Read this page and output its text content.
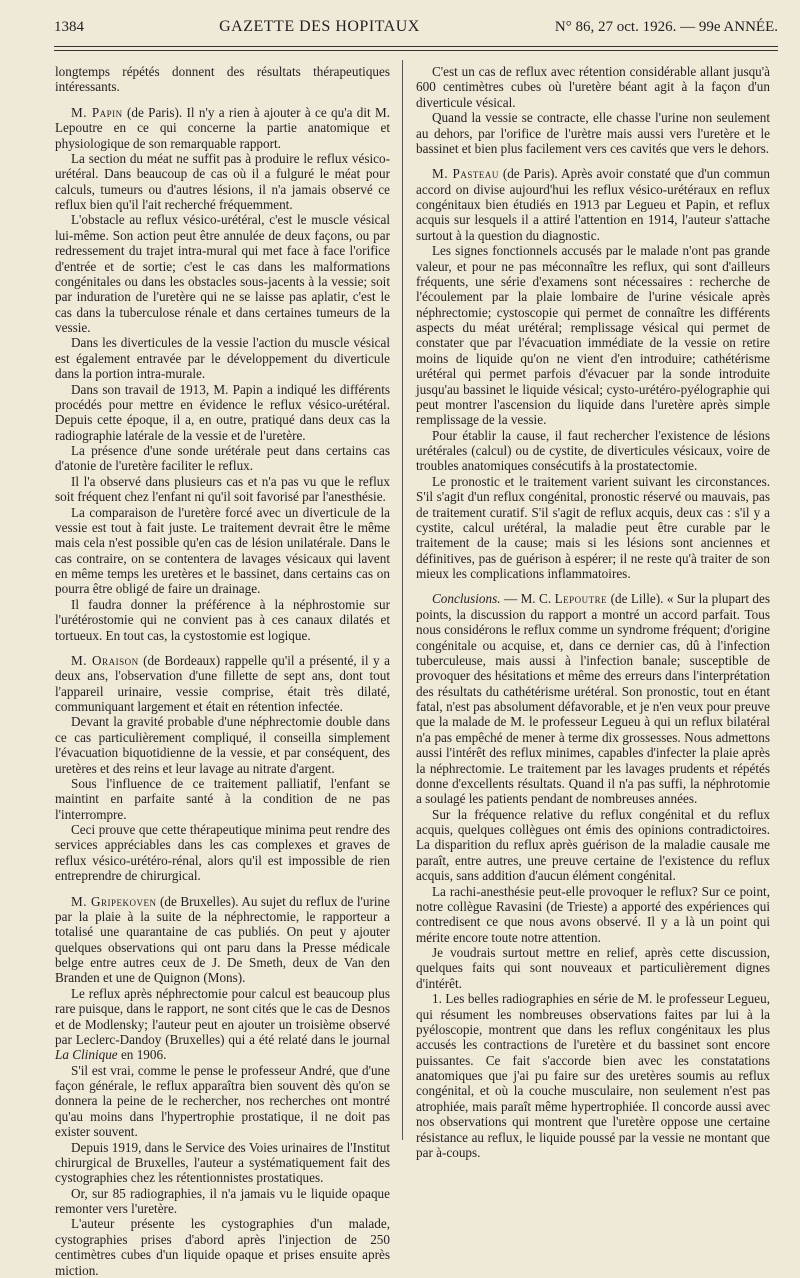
1384	GAZETTE DES HOPITAUX	N° 86, 27 oct. 1926. — 99e ANNÉE.

longtemps répétés donnent des résultats thérapeutiques intéressants.

M. Papin (de Paris). Il n'y a rien à ajouter à ce qu'a dit M. Lepoutre en ce qui concerne la partie anatomique et physiologique de son remarquable rapport.

La section du méat ne suffit pas à produire le reflux vésico-urétéral. Dans beaucoup de cas où il a fulguré le méat pour calculs, tumeurs ou d'autres lésions, il n'a jamais observé ce reflux bien qu'il l'ait recherché fréquemment.

L'obstacle au reflux vésico-urétéral, c'est le muscle vésical lui-même. Son action peut être annulée de deux façons, ou par redressement du trajet intra-mural qui met face à face l'orifice d'entrée et de sortie; c'est le cas dans les malformations congénitales ou dans les obstacles sous-jacents à la vessie; soit par induration de l'uretère qui ne se laisse pas aplatir, c'est le cas dans la tuberculose rénale et dans certaines tumeurs de la vessie.

Dans les diverticules de la vessie l'action du muscle vésical est également entravée par le développement du diverticule dans la portion intra-murale.

Dans son travail de 1913, M. Papin a indiqué les différents procédés pour mettre en évidence le reflux vésico-urétéral. Depuis cette époque, il a, en outre, pratiqué dans deux cas la radiographie latérale de la vessie et de l'uretère.

La présence d'une sonde urétérale peut dans certains cas d'atonie de l'uretère faciliter le reflux.

Il l'a observé dans plusieurs cas et n'a pas vu que le reflux soit fréquent chez l'enfant ni qu'il soit favorisé par l'anesthésie.

La comparaison de l'uretère forcé avec un diverticule de la vessie est tout à fait juste. Le traitement devrait être le même mais cela n'est possible qu'en cas de lésion unilatérale. Dans le cas contraire, on se contentera de lavages vésicaux qui lavent en même temps les uretères et le bassinet, dans certains cas on pourra être obligé de faire un drainage.

Il faudra donner la préférence à la néphrostomie sur l'urétérostomie qui ne convient pas à ces canaux dilatés et tortueux. En tout cas, la cystostomie est logique.

M. Oraison (de Bordeaux) rappelle qu'il a présenté, il y a deux ans, l'observation d'une fillette de sept ans, dont tout l'appareil urinaire, vessie comprise, était très dilaté, communiquant largement et était en rétention infectée.

Devant la gravité probable d'une néphrectomie double dans ce cas particulièrement compliqué, il conseilla simplement l'évacuation biquotidienne de la vessie, et par conséquent, des uretères et des reins et leur lavage au nitrate d'argent.

Sous l'influence de ce traitement palliatif, l'enfant se maintint en parfaite santé à la condition de ne pas l'interrompre.

Ceci prouve que cette thérapeutique minima peut rendre des services appréciables dans les cas complexes et graves de reflux vésico-urétéro-rénal, alors qu'il est impossible de rien entreprendre de chirurgical.

M. Gripekoven (de Bruxelles). Au sujet du reflux de l'urine par la plaie à la suite de la néphrectomie, le rapporteur a totalisé une quarantaine de cas publiés. On peut y ajouter quelques observations qui ont paru dans la Presse médicale belge entre autres ceux de J. De Smeth, deux de Van den Branden et une de Quignon (Mons).

Le reflux après néphrectomie pour calcul est beaucoup plus rare puisque, dans le rapport, ne sont cités que le cas de Desnos et de Modlensky; l'auteur peut en ajouter un troisième observé par Leclerc-Dandoy (Bruxelles) qui a été relaté dans le journal La Clinique en 1906.

S'il est vrai, comme le pense le professeur André, que d'une façon générale, le reflux apparaîtra bien souvent dès qu'on se donnera la peine de le rechercher, nos recherches ont montré qu'au moins dans l'hypertrophie prostatique, il ne doit pas exister souvent.

Depuis 1919, dans le Service des Voies urinaires de l'Institut chirurgical de Bruxelles, l'auteur a systématiquement fait des cystographies chez les rétentionnistes prostatiques.

Or, sur 85 radiographies, il n'a jamais vu le liquide opaque remonter vers l'uretère.

L'auteur présente les cystographies d'un malade, cystographies prises d'abord après l'injection de 250 centimètres cubes d'un liquide opaque et prises ensuite après miction.

C'est un cas de reflux avec rétention considérable allant jusqu'à 600 centimètres cubes où l'uretère béant agit à la façon d'un diverticule vésical.

Quand la vessie se contracte, elle chasse l'urine non seulement au dehors, par l'orifice de l'urètre mais aussi vers l'uretère et le bassinet et bien plus facilement vers ces cavités que vers le dehors.

M. Pasteau (de Paris). Après avoir constaté que d'un commun accord on divise aujourd'hui les reflux vésico-urétéraux en reflux congénitaux bien étudiés en 1913 par Legueu et Papin, et reflux acquis sur lesquels il a attiré l'attention en 1914, l'auteur s'attache surtout à la question du diagnostic.

Les signes fonctionnels accusés par le malade n'ont pas grande valeur, et pour ne pas méconnaître les reflux, qui sont d'ailleurs fréquents, une série d'examens sont nécessaires : recherche de l'écoulement par la plaie lombaire de l'urine vésicale après néphrectomie; cystoscopie qui permet de connaître les différents aspects du méat urétéral; remplissage vésical qui permet de constater que par l'évacuation immédiate de la vessie on retire moins de liquide qu'on ne vient d'en introduire; cathétérisme urétéral qui permet parfois d'évacuer par la sonde introduite jusqu'au bassinet le liquide vésical; cysto-urétéro-pyélographie qui peut montrer l'ascension du liquide dans l'uretère après simple remplissage de la vessie.

Pour établir la cause, il faut rechercher l'existence de lésions urétérales (calcul) ou de cystite, de diverticules vésicaux, voire de troubles anatomiques consécutifs à la prostatectomie.

Le pronostic et le traitement varient suivant les circonstances. S'il s'agit d'un reflux congénital, pronostic réservé ou mauvais, pas de traitement curatif. S'il s'agit de reflux acquis, deux cas : s'il y a cystite, calcul urétéral, la maladie peut être curable par le traitement de la cause; mais si les lésions sont anciennes et définitives, pas de guérison à espérer; il ne reste qu'à traiter de son mieux les complications inflammatoires.

Conclusions. — M. C. Lepoutre (de Lille). « Sur la plupart des points, la discussion du rapport a montré un accord parfait. Tous nous considérons le reflux comme un syndrome fréquent; d'origine congénitale ou acquise, et, dans ce dernier cas, dû à l'infection tuberculeuse, mais aussi à l'infection banale; susceptible de provoquer des hésitations et même des erreurs dans l'interprétation des résultats du cathétérisme urétéral. Son pronostic, tout en étant fatal, n'est pas absolument défavorable, et je n'en veux pour preuve que la malade de M. le professeur Legueu à qui un reflux bilatéral n'a pas empêché de mener à terme dix grossesses. Nous admettons aussi l'intérêt des reflux minimes, capables d'infecter la plaie après la néphrectomie. Le traitement par les lavages prudents et répétés donne d'excellents résultats. Quand il n'a pas suffi, la néphrotomie a soulagé les patients pendant de nombreuses années.

Sur la fréquence relative du reflux congénital et du reflux acquis, quelques collègues ont émis des opinions contradictoires. La disparition du reflux après guérison de la maladie causale me paraît, entre autres, une preuve certaine de l'existence du reflux acquis, sans addition d'aucun élément congénital.

La rachi-anesthésie peut-elle provoquer le reflux? Sur ce point, notre collègue Ravasini (de Trieste) a apporté des expériences qui contredisent ce que nous avons observé. Il y a là un point qui mérite encore toute notre attention.

Je voudrais surtout mettre en relief, après cette discussion, quelques faits qui sont nouveaux et particulièrement dignes d'intérêt.

1. Les belles radiographies en série de M. le professeur Legueu, qui résument les nombreuses observations faites par lui à la pyéloscopie, montrent que dans les reflux congénitaux les plus accusés les contractions de l'uretère et du bassinet sont encore puissantes. Ce fait s'accorde bien avec les constatations anatomiques que j'ai pu faire sur des uretères soumis au reflux congénital, et où la couche musculaire, non seulement n'est pas atrophiée, mais paraît même hypertrophiée. Il concorde aussi avec nos observations qui montrent que l'uretère oppose une certaine résistance au reflux, le liquide poussé par la vessie ne montant que par à-coups.
